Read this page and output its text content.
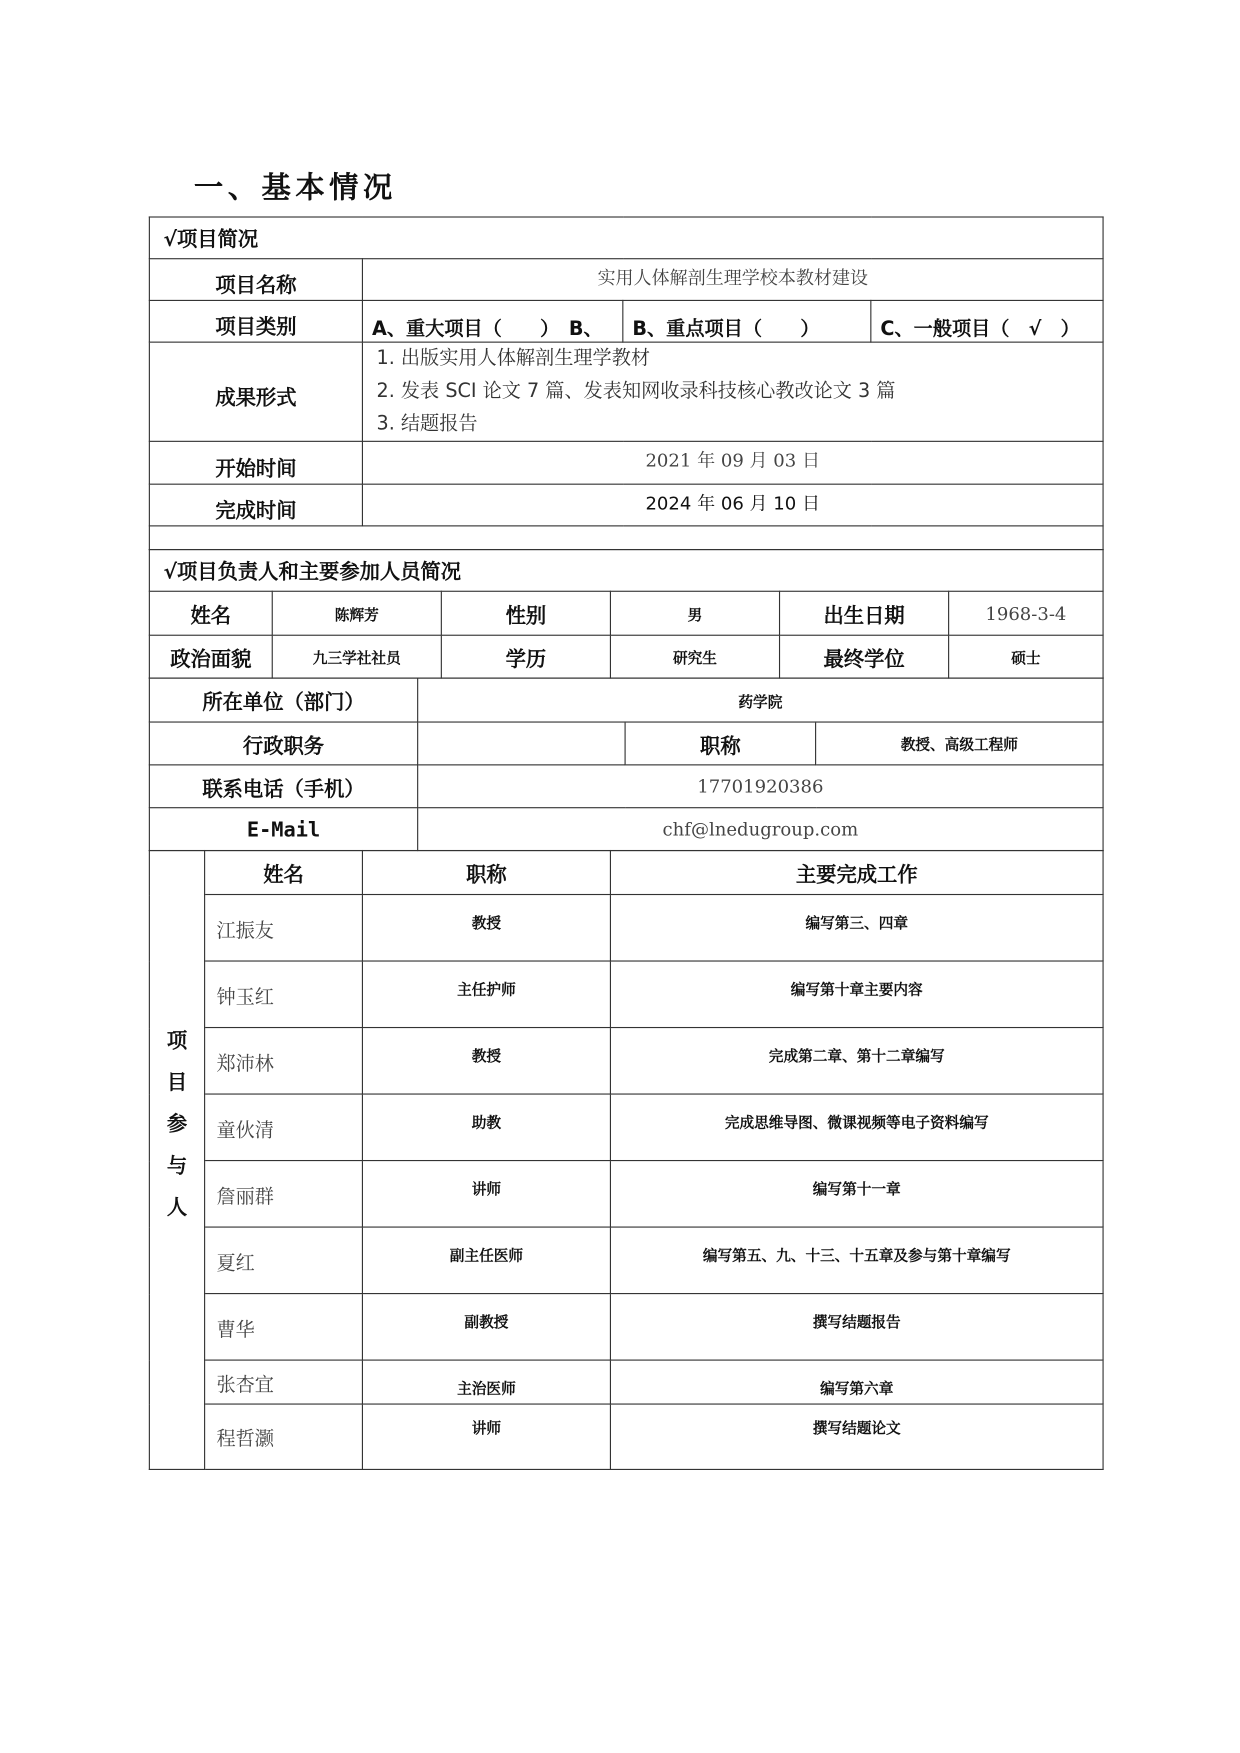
一、基本情况
√项目简况			
项目名称	实用人体解剖生理学校本教材建设		
项目类别	A、重大项目（　　）　B、	B、重点项目（　　）	C、一般项目（　√　）
成果形式	1. 出版实用人体解剖生理学教材
2. 发表 SCI 论文 7 篇、发表知网收录科技核心教改论文 3 篇
3. 结题报告		

开始时间	2021 年 09 月 03 日		
完成时间	2024 年 06 月 10 日		

√项目负责人和主要参加人员简况					
姓名	陈辉芳	性别	男	出生日期	1968-3-4
政治面貌	九三学社社员	学历	研究生	最终学位	硕士
所在单位（部门）	药学院		
行政职务		职称	教授、高级工程师
联系电话（手机）	17701920386		
E-Mail	chf@lnedugroup.com		
项目参与人	姓名	职称	主要完成工作
	江振友	教授	编写第三、四章
	钟玉红	主任护师	编写第十章主要内容
	郑沛林	教授	完成第二章、第十二章编写
	童伙清	助教	完成思维导图、微课视频等电子资料编写
	詹丽群	讲师	编写第十一章
	夏红	副主任医师	编写第五、九、十三、十五章及参与第十章编写
	曹华	副教授	撰写结题报告
	张杏宜	主治医师	编写第六章
	程哲灏	讲师	撰写结题论文
